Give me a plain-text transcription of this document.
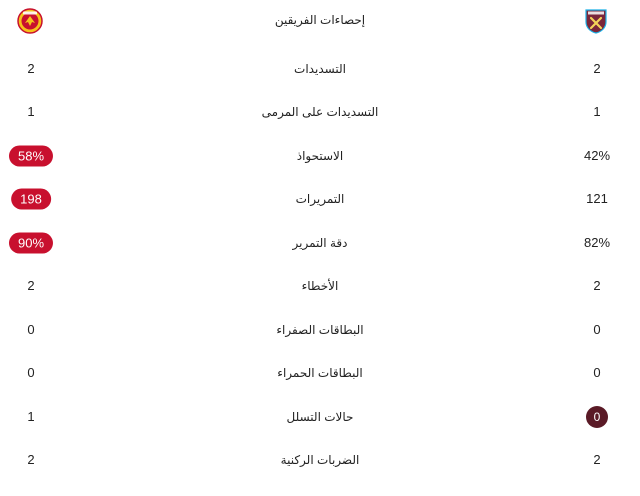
إحصاءات الفريقين
2	التسديدات	2
1	التسديدات على المرمى	1
58%	الاستحواذ	42%
198	التمريرات	121
90%	دقة التمرير	82%
2	الأخطاء	2
0	البطاقات الصفراء	0
0	البطاقات الحمراء	0
1	حالات التسلل	0
2	الضربات الركنية	2
